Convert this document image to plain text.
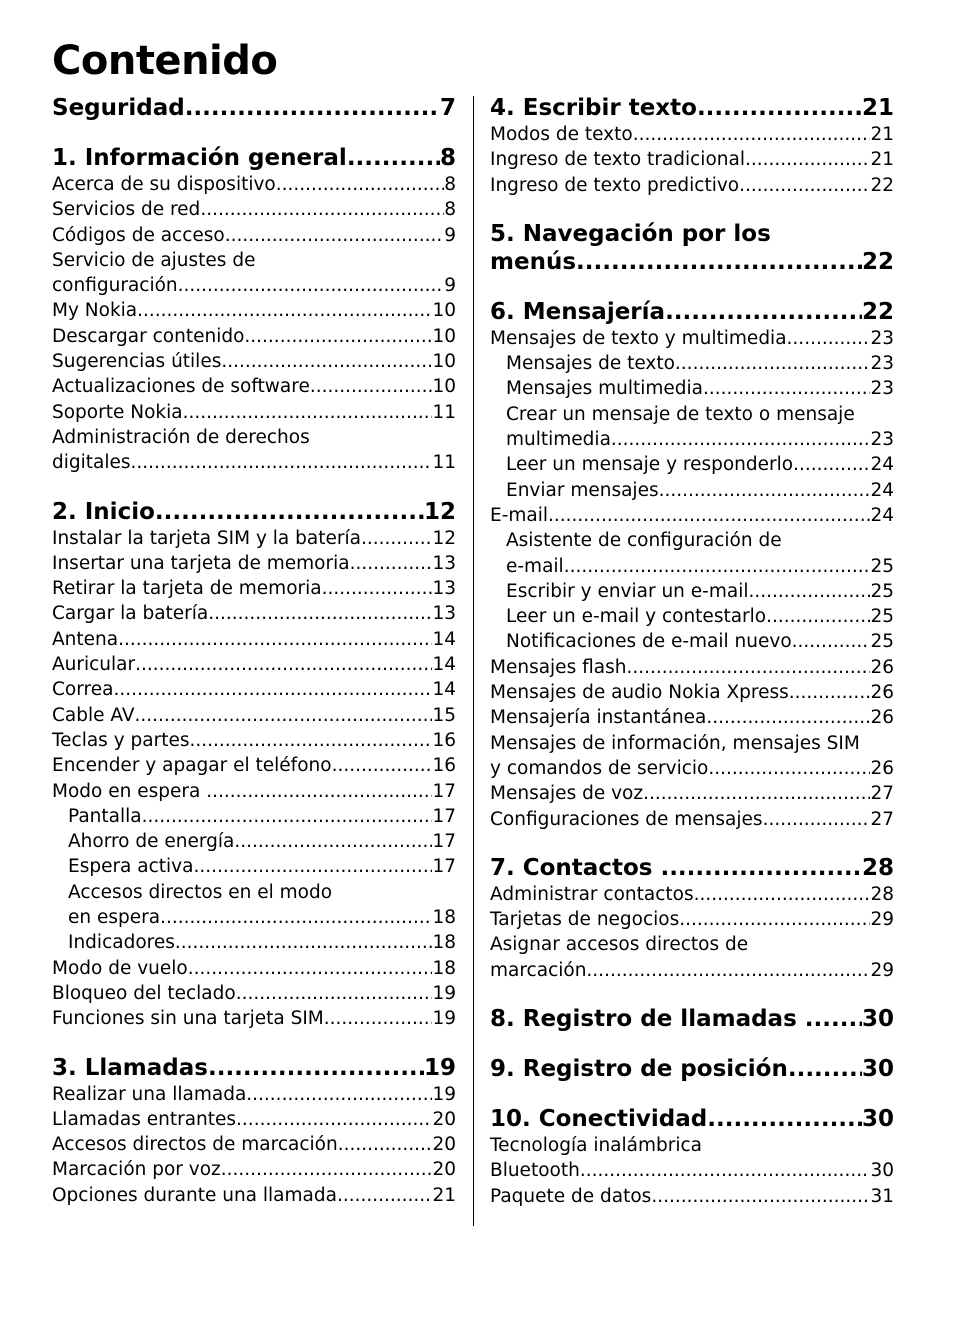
Contenido
Seguridad .....	7
1. Información general .....	8
Acerca de su dispositivo .....	8
Servicios de red .....	8
Códigos de acceso .....	9
Servicio de ajustes de
configuración .....	9
My Nokia .....	10
Descargar contenido .....	10
Sugerencias útiles .....	10
Actualizaciones de software .....	10
Soporte Nokia .....	11
Administración de derechos
digitales .....	11
2. Inicio .....	12
Instalar la tarjeta SIM y la batería .....	12
Insertar una tarjeta de memoria .....	13
Retirar la tarjeta de memoria .....	13
Cargar la batería .....	13
Antena .....	14
Auricular .....	14
Correa .....	14
Cable AV .....	15
Teclas y partes .....	16
Encender y apagar el teléfono .....	16
Modo en espera .....	17
Pantalla .....	17
Ahorro de energía .....	17
Espera activa .....	17
Accesos directos en el modo
en espera .....	18
Indicadores .....	18
Modo de vuelo .....	18
Bloqueo del teclado .....	19
Funciones sin una tarjeta SIM .....	19
3. Llamadas .....	19
Realizar una llamada .....	19
Llamadas entrantes .....	20
Accesos directos de marcación .....	20
Marcación por voz .....	20
Opciones durante una llamada .....	21
4. Escribir texto .....	21
Modos de texto .....	21
Ingreso de texto tradicional .....	21
Ingreso de texto predictivo .....	22
5. Navegación por los
menús .....	22
6. Mensajería .....	22
Mensajes de texto y multimedia .....	23
Mensajes de texto .....	23
Mensajes multimedia .....	23
Crear un mensaje de texto o mensaje
multimedia .....	23
Leer un mensaje y responderlo .....	24
Enviar mensajes .....	24
E-mail .....	24
Asistente de configuración de
e-mail .....	25
Escribir y enviar un e-mail .....	25
Leer un e-mail y contestarlo .....	25
Notificaciones de e-mail nuevo .....	25
Mensajes flash .....	26
Mensajes de audio Nokia Xpress .....	26
Mensajería instantánea .....	26
Mensajes de información, mensajes SIM
y comandos de servicio .....	26
Mensajes de voz .....	27
Configuraciones de mensajes .....	27
7. Contactos .....	28
Administrar contactos .....	28
Tarjetas de negocios .....	29
Asignar accesos directos de
marcación .....	29
8. Registro de llamadas ..... 30
9. Registro de posición .....	30
10. Conectividad .....	30
Tecnología inalámbrica
Bluetooth .....	30
Paquete de datos .....	31
